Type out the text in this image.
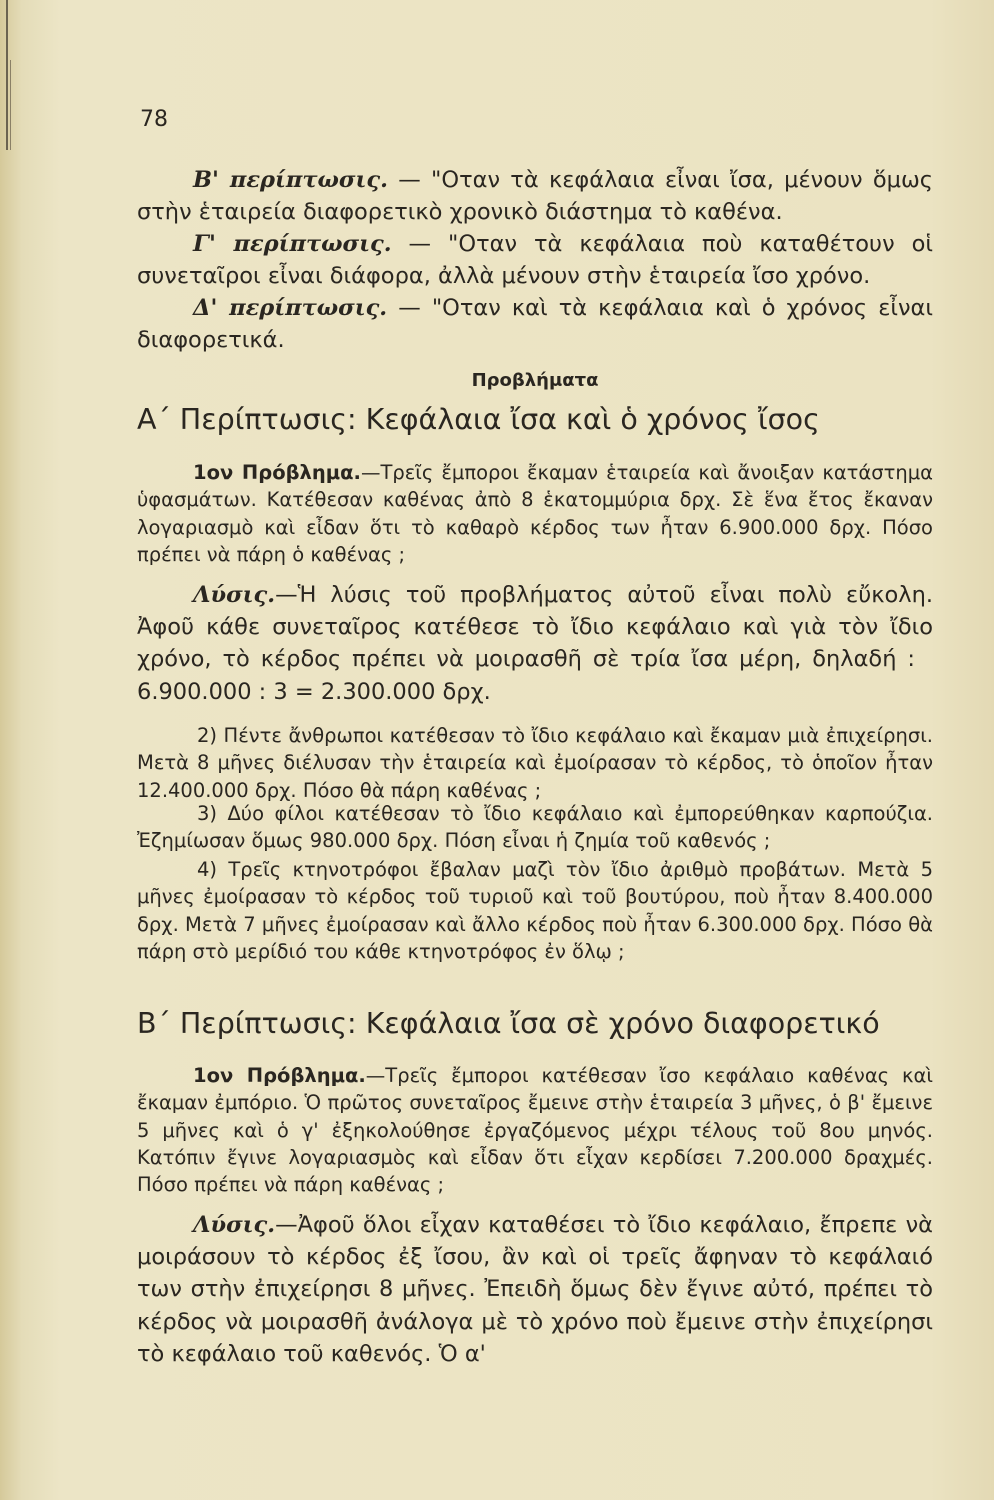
78
Β' περίπτωσις. — "Οταν τὰ κεφάλαια εἶναι ἴσα, μένουν ὅμως στὴν ἑταιρεία διαφορετικὸ χρονικὸ διάστημα τὸ καθένα.
Γ' περίπτωσις. — "Οταν τὰ κεφάλαια ποὺ καταθέτουν οἱ συνεταῖροι εἶναι διάφορα, ἀλλὰ μένουν στὴν ἑταιρεία ἴσο χρόνο.
Δ' περίπτωσις. — "Οταν καὶ τὰ κεφάλαια καὶ ὁ χρόνος εἶναι διαφορετικά.
Προβλήματα
Α΄ Περίπτωσις: Κεφάλαια ἴσα καὶ ὁ χρόνος ἴσος
1ον Πρόβλημα.—Τρεῖς ἔμποροι ἔκαμαν ἑταιρεία καὶ ἄνοιξαν κατάστημα ὑφασμάτων. Κατέθεσαν καθένας ἀπὸ 8 ἑκατομμύρια δρχ. Σὲ ἕνα ἔτος ἔκαναν λογαριασμὸ καὶ εἶδαν ὅτι τὸ καθαρὸ κέρδος των ἦταν 6.900.000 δρχ. Πόσο πρέπει νὰ πάρη ὁ καθένας ;
Λύσις.—Ἡ λύσις τοῦ προβλήματος αὐτοῦ εἶναι πολὺ εὔκολη. Ἀφοῦ κάθε συνεταῖρος κατέθεσε τὸ ἴδιο κεφάλαιο καὶ γιὰ τὸν ἴδιο χρόνο, τὸ κέρδος πρέπει νὰ μοιρασθῆ σὲ τρία ἴσα μέρη, δηλαδή :6.900.000 : 3 = 2.300.000 δρχ.
2) Πέντε ἄνθρωποι κατέθεσαν τὸ ἴδιο κεφάλαιο καὶ ἔκαμαν μιὰ ἐπιχείρησι. Μετὰ 8 μῆνες διέλυσαν τὴν ἑταιρεία καὶ ἐμοίρασαν τὸ κέρδος, τὸ ὁποῖον ἦταν 12.400.000 δρχ. Πόσο θὰ πάρη καθένας ;
3) Δύο φίλοι κατέθεσαν τὸ ἴδιο κεφάλαιο καὶ ἐμπορεύθηκαν καρπούζια. Ἐζημίωσαν ὅμως 980.000 δρχ. Πόση εἶναι ἡ ζημία τοῦ καθενός ;
4) Τρεῖς κτηνοτρόφοι ἔβαλαν μαζὶ τὸν ἴδιο ἀριθμὸ προβάτων. Μετὰ 5 μῆνες ἐμοίρασαν τὸ κέρδος τοῦ τυριοῦ καὶ τοῦ βουτύρου, ποὺ ἦταν 8.400.000 δρχ. Μετὰ 7 μῆνες ἐμοίρασαν καὶ ἄλλο κέρδος ποὺ ἦταν 6.300.000 δρχ. Πόσο θὰ πάρη στὸ μερίδιό του κάθε κτηνοτρόφος ἐν ὅλῳ ;
Β΄ Περίπτωσις: Κεφάλαια ἴσα σὲ χρόνο διαφορετικό
1ον Πρόβλημα.—Τρεῖς ἔμποροι κατέθεσαν ἴσο κεφάλαιο καθένας καὶ ἔκαμαν ἐμπόριο. Ὁ πρῶτος συνεταῖρος ἔμεινε στὴν ἑταιρεία 3 μῆνες, ὁ β' ἔμεινε 5 μῆνες καὶ ὁ γ' ἐξηκολούθησε ἐργαζόμενος μέχρι τέλους τοῦ 8ου μηνός. Κατόπιν ἔγινε λογαριασμὸς καὶ εἶδαν ὅτι εἶχαν κερδίσει 7.200.000 δραχμές. Πόσο πρέπει νὰ πάρη καθένας ;
Λύσις.—Ἀφοῦ ὅλοι εἶχαν καταθέσει τὸ ἴδιο κεφάλαιο, ἔπρεπε νὰ μοιράσουν τὸ κέρδος ἐξ ἴσου, ἂν καὶ οἱ τρεῖς ἄφηναν τὸ κεφάλαιό των στὴν ἐπιχείρησι 8 μῆνες. Ἐπειδὴ ὅμως δὲν ἔγινε αὐτό, πρέπει τὸ κέρδος νὰ μοιρασθῆ ἀνάλογα μὲ τὸ χρόνο ποὺ ἔμεινε στὴν ἐπιχείρησι τὸ κεφάλαιο τοῦ καθενός. Ὁ α'
